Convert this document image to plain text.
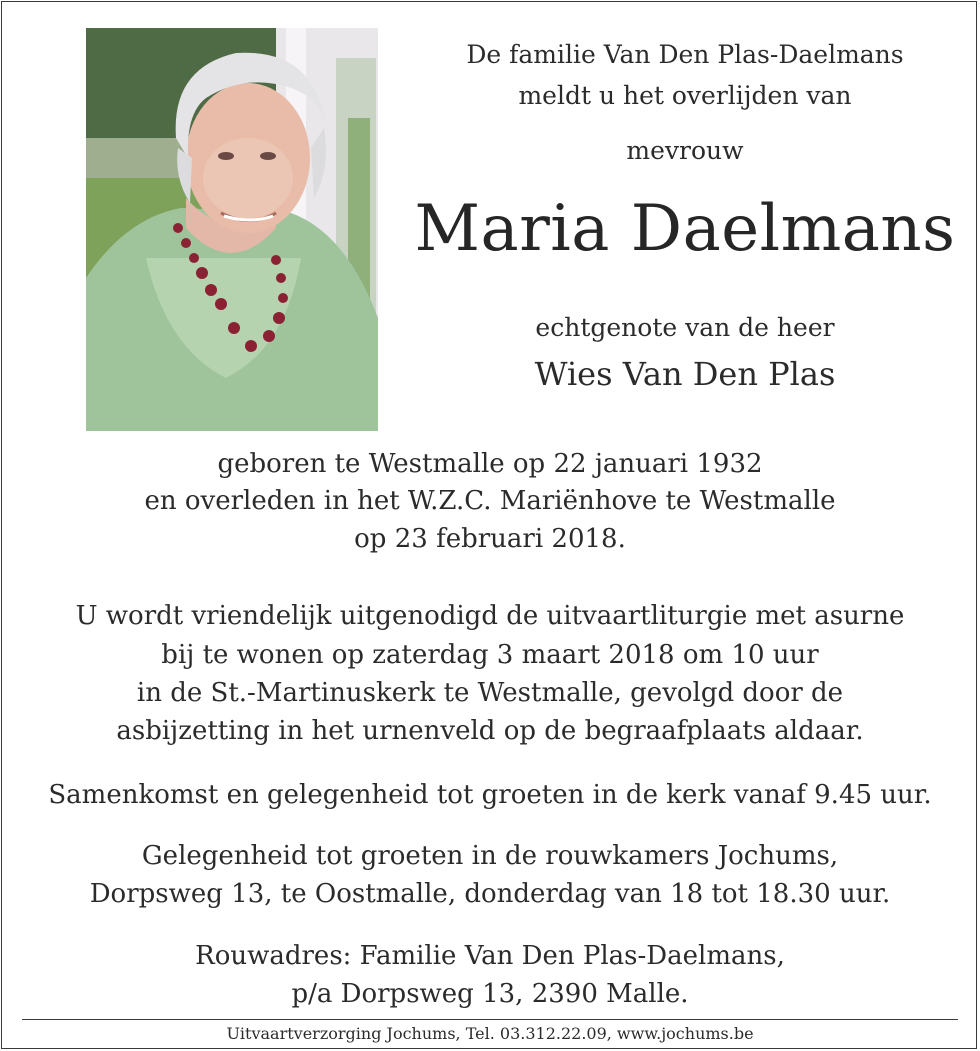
De familie Van Den Plas-Daelmans
meldt u het overlijden van
mevrouw
Maria Daelmans
echtgenote van de heer
Wies Van Den Plas
geboren te Westmalle op 22 januari 1932
en overleden in het W.Z.C. Mariënhove te Westmalle
op 23 februari 2018.
U wordt vriendelijk uitgenodigd de uitvaartliturgie met asurne
bij te wonen op zaterdag 3 maart 2018 om 10 uur
in de St.-Martinuskerk te Westmalle, gevolgd door de
asbijzetting in het urnenveld op de begraafplaats aldaar.
Samenkomst en gelegenheid tot groeten in de kerk vanaf 9.45 uur.
Gelegenheid tot groeten in de rouwkamers Jochums,
Dorpsweg 13, te Oostmalle, donderdag van 18 tot 18.30 uur.
Rouwadres: Familie Van Den Plas-Daelmans,
p/a Dorpsweg 13, 2390 Malle.
Uitvaartverzorging Jochums, Tel. 03.312.22.09, www.jochums.be
